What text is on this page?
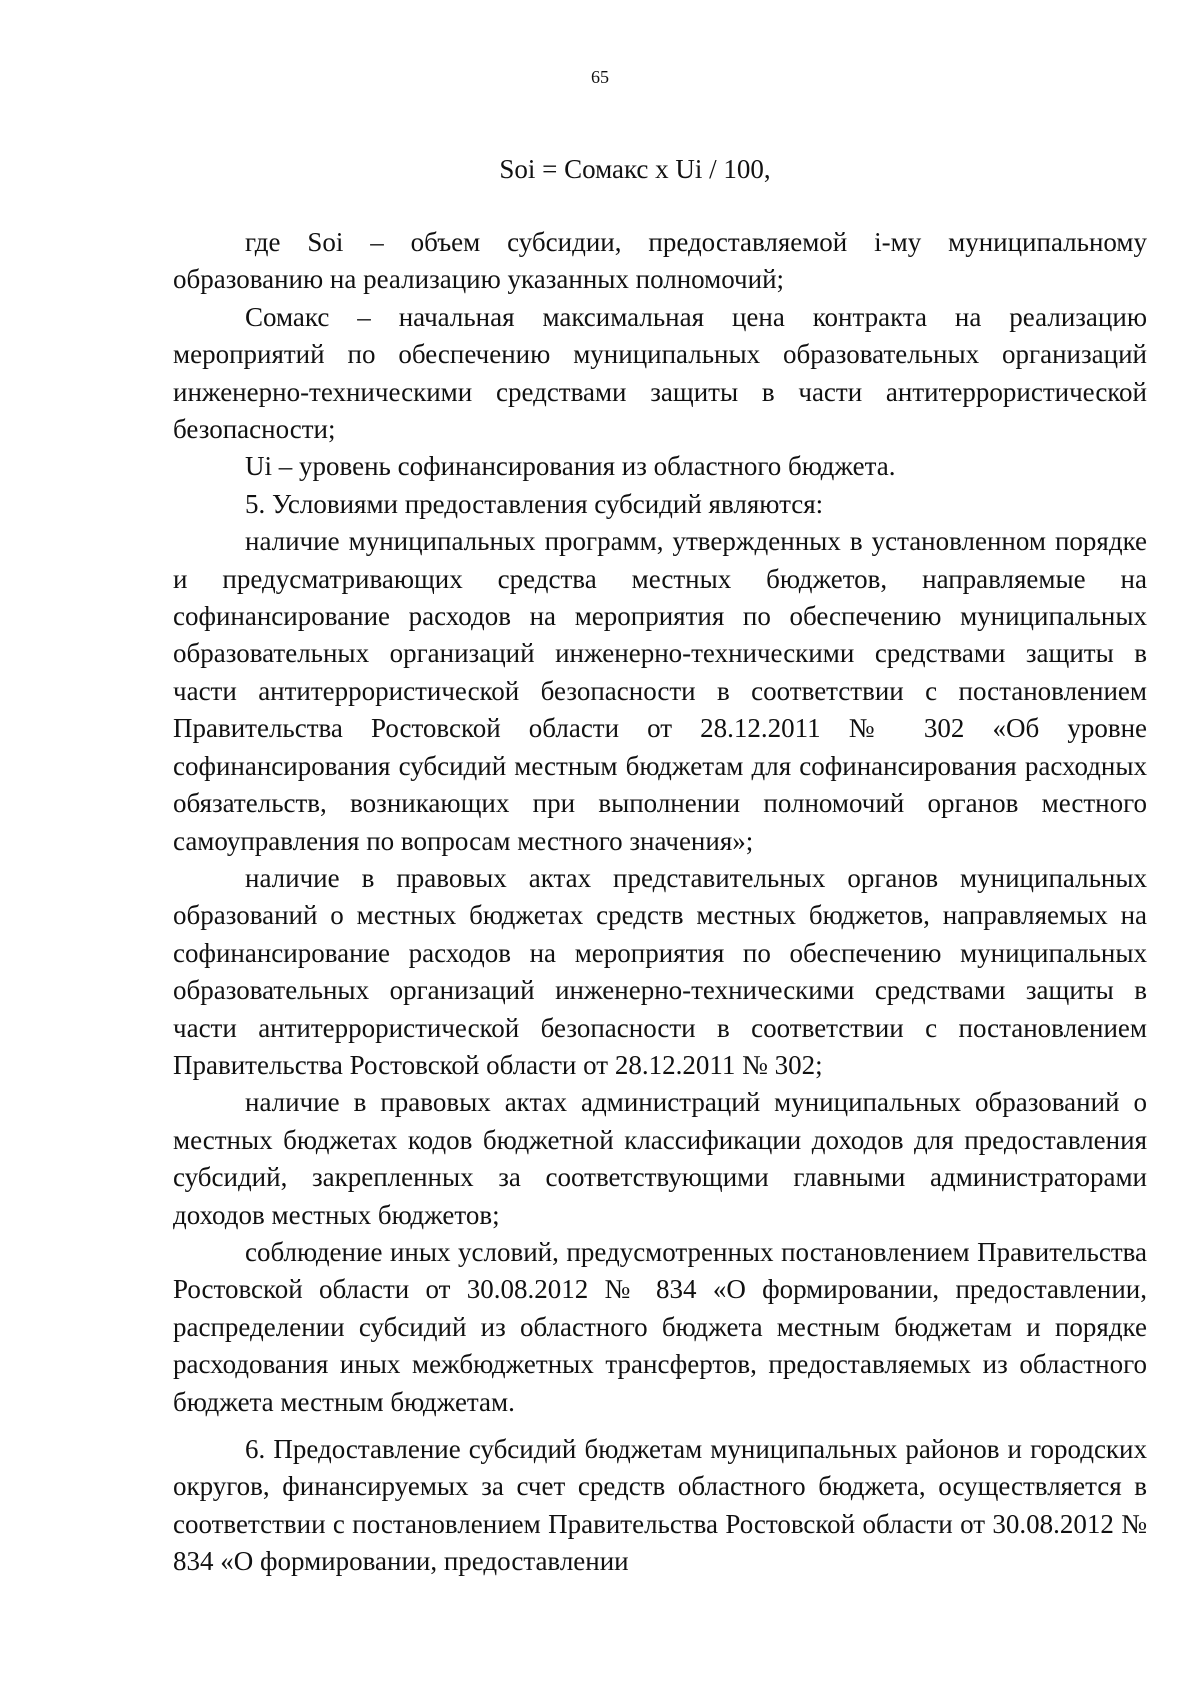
65

Soi = Сомакс х Ui / 100,

где Soi – объем субсидии, предоставляемой i-му муниципальному образованию на реализацию указанных полномочий;

Сомакс – начальная максимальная цена контракта на реализацию мероприятий по обеспечению муниципальных образовательных организаций инженерно-техническими средствами защиты в части антитеррористической безопасности;

Ui – уровень софинансирования из областного бюджета.

5. Условиями предоставления субсидий являются:

наличие муниципальных программ, утвержденных в установленном порядке и предусматривающих средства местных бюджетов, направляемые на софинансирование расходов на мероприятия по обеспечению муниципальных образовательных организаций инженерно-техническими средствами защиты в части антитеррористической безопасности в соответствии с постановлением Правительства Ростовской области от 28.12.2011 № 302 «Об уровне софинансирования субсидий местным бюджетам для софинансирования расходных обязательств, возникающих при выполнении полномочий органов местного самоуправления по вопросам местного значения»;

наличие в правовых актах представительных органов муниципальных образований о местных бюджетах средств местных бюджетов, направляемых на софинансирование расходов на мероприятия по обеспечению муниципальных образовательных организаций инженерно-техническими средствами защиты в части антитеррористической безопасности в соответствии с постановлением Правительства Ростовской области от 28.12.2011 № 302;

наличие в правовых актах администраций муниципальных образований о местных бюджетах кодов бюджетной классификации доходов для предоставления субсидий, закрепленных за соответствующими главными администраторами доходов местных бюджетов;

соблюдение иных условий, предусмотренных постановлением Правительства Ростовской области от 30.08.2012 № 834 «О формировании, предоставлении, распределении субсидий из областного бюджета местным бюджетам и порядке расходования иных межбюджетных трансфертов, предоставляемых из областного бюджета местным бюджетам.

6. Предоставление субсидий бюджетам муниципальных районов и городских округов, финансируемых за счет средств областного бюджета, осуществляется в соответствии с постановлением Правительства Ростовской области от 30.08.2012 № 834 «О формировании, предоставлении
